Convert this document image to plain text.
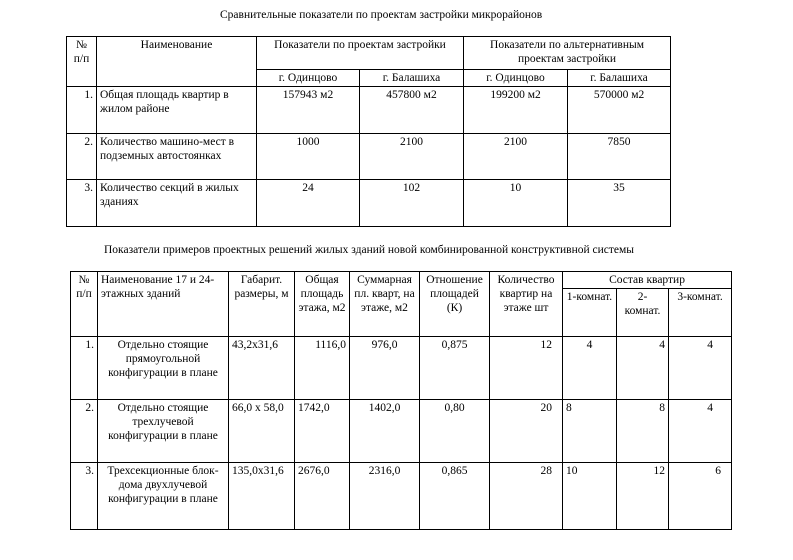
Сравнительные показатели по проектам застройки микрорайонов
№ п/п	Наименование	Показатели по проектам застройки		Показатели по альтернативным проектам застройки	
		г. Одинцово	г. Балашиха	г. Одинцово	г. Балашиха
1.	Общая площадь квартир в жилом районе	157943 м2	457800 м2	199200 м2	570000 м2
2.	Количество машино-мест в подземных автостоянках	1000	2100	2100	7850
3.	Количество секций в жилых зданиях	24	102	10	35
Показатели примеров проектных решений жилых зданий новой комбинированной конструктивной системы
№ п/п	Наименование 17 и 24-этажных зданий	Габарит. размеры, м	Общая площадь этажа, м2	Суммарная пл. кварт, на этаже, м2	Отношение площадей (К)	Количество квартир на этаже шт	Состав квартир		
							1-комнат.	2-комнат.	3-комнат.
1.	Отдельно стоящие прямоугольной конфигурации в плане	43,2х31,6	1116,0	976,0	0,875	12	4	4	4
2.	Отдельно стоящие трехлучевой конфигурации в плане	66,0 х 58,0	1742,0	1402,0	0,80	20	8	8	4
3.	Трехсекционные блок-дома двухлучевой конфигурации в плане	135,0х31,6	2676,0	2316,0	0,865	28	10	12	6
